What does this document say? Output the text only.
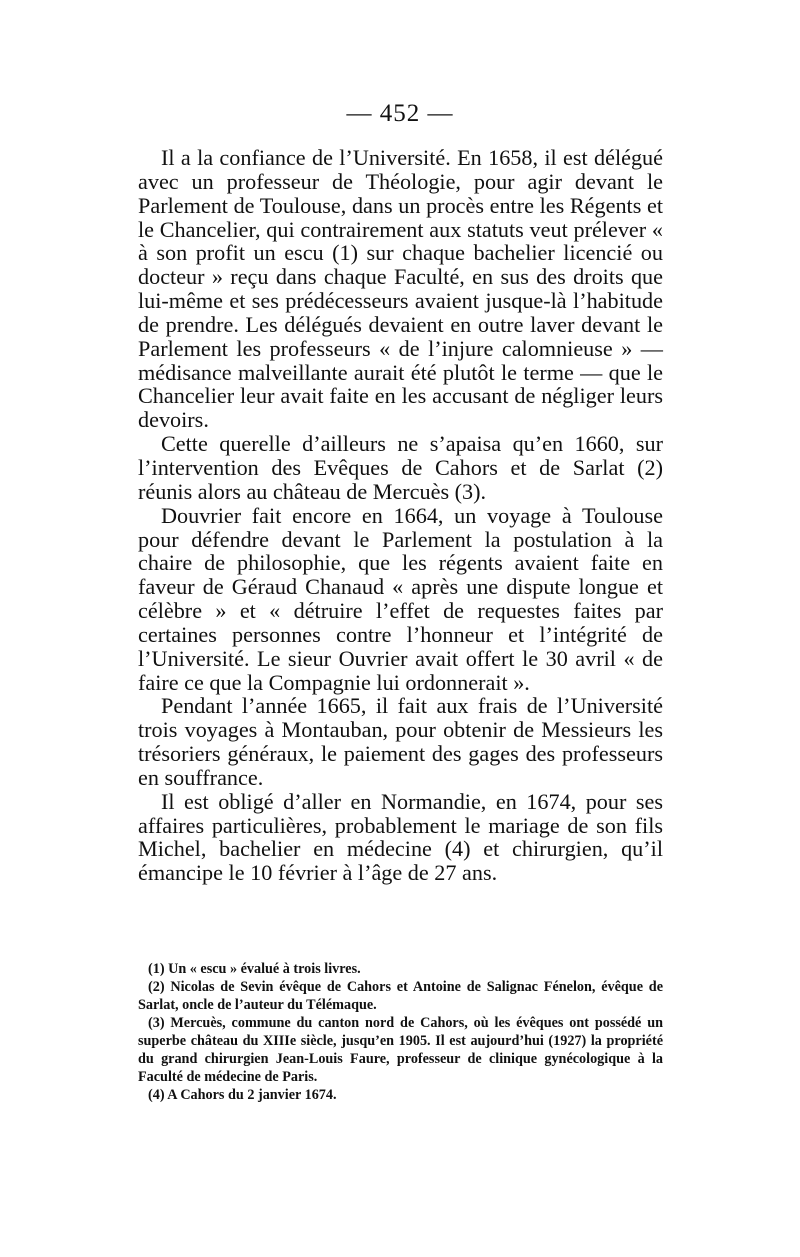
— 452 —

Il a la confiance de l’Université. En 1658, il est délégué avec un professeur de Théologie, pour agir devant le Parlement de Toulouse, dans un procès entre les Régents et le Chancelier, qui contrairement aux statuts veut prélever « à son profit un escu (1) sur chaque bachelier licencié ou docteur » reçu dans chaque Faculté, en sus des droits que lui-même et ses prédécesseurs avaient jusque-là l’habitude de prendre. Les délégués devaient en outre laver devant le Parlement les professeurs « de l’injure calomnieuse » — médisance malveillante aurait été plutôt le terme — que le Chancelier leur avait faite en les accusant de négliger leurs devoirs.

Cette querelle d’ailleurs ne s’apaisa qu’en 1660, sur l’intervention des Evêques de Cahors et de Sarlat (2) réunis alors au château de Mercuès (3).

Douvrier fait encore en 1664, un voyage à Toulouse pour défendre devant le Parlement la postulation à la chaire de philosophie, que les régents avaient faite en faveur de Géraud Chanaud « après une dispute longue et célèbre » et « détruire l’effet de requestes faites par certaines personnes contre l’honneur et l’intégrité de l’Université. Le sieur Ouvrier avait offert le 30 avril « de faire ce que la Compagnie lui ordonnerait ».

Pendant l’année 1665, il fait aux frais de l’Université trois voyages à Montauban, pour obtenir de Messieurs les trésoriers généraux, le paiement des gages des professeurs en souffrance.

Il est obligé d’aller en Normandie, en 1674, pour ses affaires particulières, probablement le mariage de son fils Michel, bachelier en médecine (4) et chirurgien, qu’il émancipe le 10 février à l’âge de 27 ans.

(1) Un « escu » évalué à trois livres.

(2) Nicolas de Sevin évêque de Cahors et Antoine de Salignac Fénelon, évêque de Sarlat, oncle de l’auteur du Télémaque.

(3) Mercuès, commune du canton nord de Cahors, où les évêques ont possédé un superbe château du XIIIe siècle, jusqu’en 1905. Il est aujourd’hui (1927) la propriété du grand chirurgien Jean-Louis Faure, professeur de clinique gynécologique à la Faculté de médecine de Paris.

(4) A Cahors du 2 janvier 1674.
